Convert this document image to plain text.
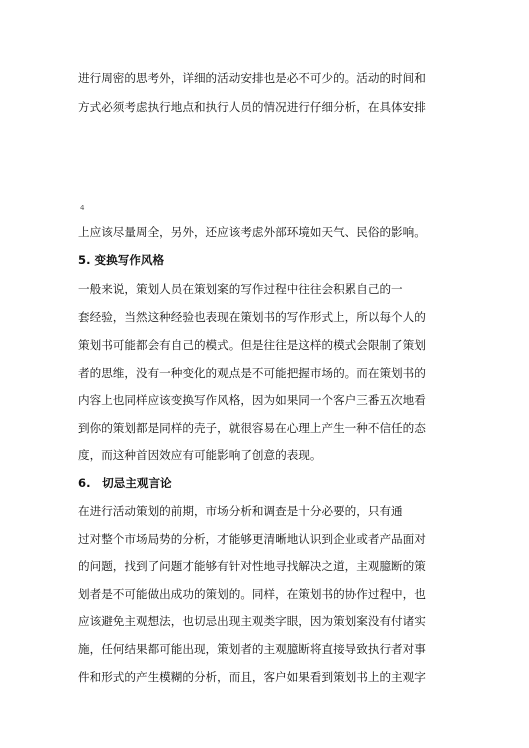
进行周密的思考外，详细的活动安排也是必不可少的。活动的时间和
方式必须考虑执行地点和执行人员的情况进行仔细分析，在具体安排
4
上应该尽量周全，另外，还应该考虑外部环境如天气、民俗的影响。
5. 变换写作风格
一般来说，策划人员在策划案的写作过程中往往会积累自己的一
套经验，当然这种经验也表现在策划书的写作形式上，所以每个人的
策划书可能都会有自己的模式。但是往往是这样的模式会限制了策划
者的思维，没有一种变化的观点是不可能把握市场的。而在策划书的
内容上也同样应该变换写作风格，因为如果同一个客户三番五次地看
到你的策划都是同样的壳子，就很容易在心理上产生一种不信任的态
度，而这种首因效应有可能影响了创意的表现。
6.　切忌主观言论
在进行活动策划的前期，市场分析和调查是十分必要的，只有通
过对整个市场局势的分析，才能够更清晰地认识到企业或者产品面对
的问题，找到了问题才能够有针对性地寻找解决之道，主观臆断的策
划者是不可能做出成功的策划的。同样，在策划书的协作过程中，也
应该避免主观想法，也切忌出现主观类字眼，因为策划案没有付诸实
施，任何结果都可能出现，策划者的主观臆断将直接导致执行者对事
件和形式的产生模糊的分析，而且，客户如果看到策划书上的主观字
